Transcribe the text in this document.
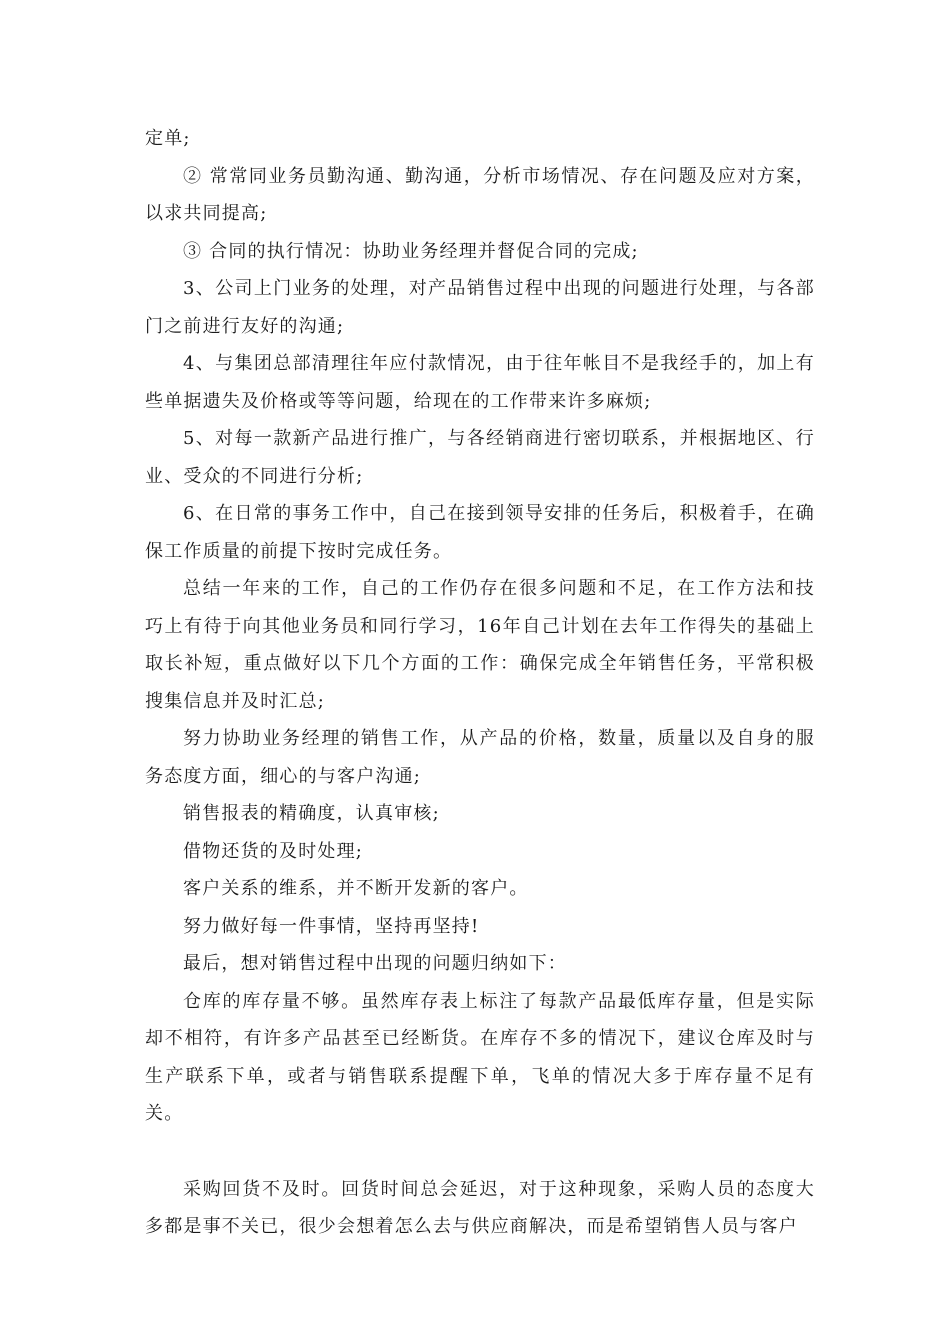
定单;

② 常常同业务员勤沟通、勤沟通，分析市场情况、存在问题及应对方案，以求共同提高;

③ 合同的执行情况：协助业务经理并督促合同的完成;

3、公司上门业务的处理，对产品销售过程中出现的问题进行处理，与各部门之前进行友好的沟通;

4、与集团总部清理往年应付款情况，由于往年帐目不是我经手的，加上有些单据遗失及价格或等等问题，给现在的工作带来许多麻烦;

5、对每一款新产品进行推广，与各经销商进行密切联系，并根据地区、行业、受众的不同进行分析;

6、在日常的事务工作中，自己在接到领导安排的任务后，积极着手，在确保工作质量的前提下按时完成任务。

总结一年来的工作，自己的工作仍存在很多问题和不足，在工作方法和技巧上有待于向其他业务员和同行学习，16年自己计划在去年工作得失的基础上取长补短，重点做好以下几个方面的工作：确保完成全年销售任务，平常积极搜集信息并及时汇总;

努力协助业务经理的销售工作，从产品的价格，数量，质量以及自身的服务态度方面，细心的与客户沟通;

销售报表的精确度，认真审核;

借物还货的及时处理;

客户关系的维系，并不断开发新的客户。

努力做好每一件事情，坚持再坚持!

最后，想对销售过程中出现的问题归纳如下：

仓库的库存量不够。虽然库存表上标注了每款产品最低库存量，但是实际却不相符，有许多产品甚至已经断货。在库存不多的情况下，建议仓库及时与生产联系下单，或者与销售联系提醒下单，飞单的情况大多于库存量不足有关。

采购回货不及时。回货时间总会延迟，对于这种现象，采购人员的态度大多都是事不关已，很少会想着怎么去与供应商解决，而是希望销售人员与客户
